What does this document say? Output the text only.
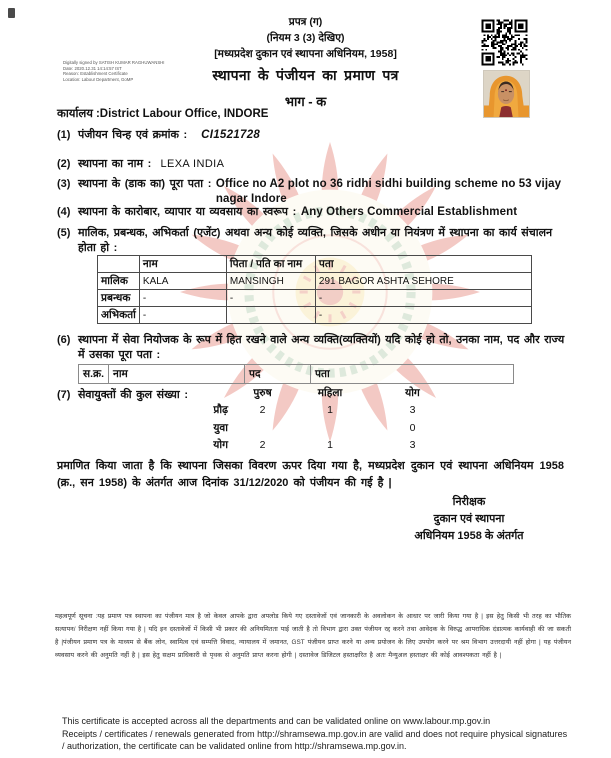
Digitally signed by SATISH KUMAR RAGHUWANSHI
Date: 2020.12.31 14:14:57 IST
Reason: Establishment Certificate
Location: Labour Department, GoMP
प्रपत्र (ग)
(नियम 3 (3) देखिए)
[मध्यप्रदेश दुकान एवं स्थापना अधिनियम, 1958]
स्थापना के पंजीयन का प्रमाण पत्र
भाग - क
कार्यालय :District Labour Office, INDORE
(1) पंजीयन चिन्ह एवं क्रमांक : CI1521728
(2) स्थापना का नाम : LEXA INDIA
(3) स्थापना के (डाक का) पूरा पता : Office no A2 plot no 36 ridhi sidhi building scheme no 53 vijay nagar Indore
(4) स्थापना के कारोबार, व्यापार या व्यवसाय का स्वरूप : Any Others Commercial Establishment
(5) मालिक, प्रबन्धक, अभिकर्ता (एजेंट) अथवा अन्य कोई व्यक्ति, जिसके अधीन या नियंत्रण में स्थापना का कार्य संचालन होता हो :
	नाम	पिता / पति का नाम	पता
मालिक	KALA	MANSINGH	291 BAGOR ASHTA SEHORE
प्रबन्धक	-	-	-
अभिकर्ता	-		-
(6) स्थापना में सेवा नियोजक के रूप में हित रखने वाले अन्य व्यक्ति(व्यक्तियों) यदि कोई हो तो, उनका नाम, पद और राज्य में उसका पूरा पता :
स.क्र.	नाम	पद	पता
(7) सेवायुक्तों की कुल संख्या :
		पुरुष	महिला	योग
प्रौढ़	2	1	3
युवा			0
योग	2	1	3
प्रमाणित किया जाता है कि स्थापना जिसका विवरण ऊपर दिया गया है, मध्यप्रदेश दुकान एवं स्थापना अधिनियम 1958 (क्र., सन 1958) के अंतर्गत आज दिनांक 31/12/2020 को पंजीयन की गई है |
निरीक्षक
दुकान एवं स्थापना
अधिनियम 1958 के अंतर्गत
महत्वपूर्ण सूचना :यह प्रमाण पत्र स्थापना का पंजीयन मात्र है जो केवल आपके द्वारा अपलोड किये गए दस्तावेजों एवं जानकारी के अवलोकन के आधार पर जारी किया गया है | इस हेतु किसी भी तरह का भौतिक सत्यापन/ निरीक्षण नहीं किया गया है | यदि इन दस्तावेजों में किसी भी प्रकार की अनियमितता पाई जाती है तो विभाग द्वारा उक्त पंजीयन रद्द करने तथा आवेदक के विरुद्ध आपराधिक दंडात्मक कार्यवाही की जा सकती है |पंजीयन प्रमाण पत्र के माध्यम से बैंक लोन, स्वामित्व एवं सम्पत्ति विवाद, न्यायालय में जमानत, GST पंजीयन प्राप्त करने या अन्य प्रयोजन के लिए उपयोग करने पर श्रम विभाग उत्तरदायी नहीं होगा | यह पंजीयन व्यवसाय करने की अनुमति नहीं है | इस हेतु सक्षम प्राधिकारी से पृथक से अनुमति प्राप्त करना होगी | दस्तावेज डिजिटल हस्ताक्षरित है अतः मैन्युअल हस्ताक्षर की कोई आवश्यकता नहीं है |
This certificate is accepted across all the departments and can be validated online on www.labour.mp.gov.in
Receipts / certificates / renewals generated from http://shramsewa.mp.gov.in are valid and does not require physical signatures
/ authorization, the certificate can be validated online from http://shramsewa.mp.gov.in.
